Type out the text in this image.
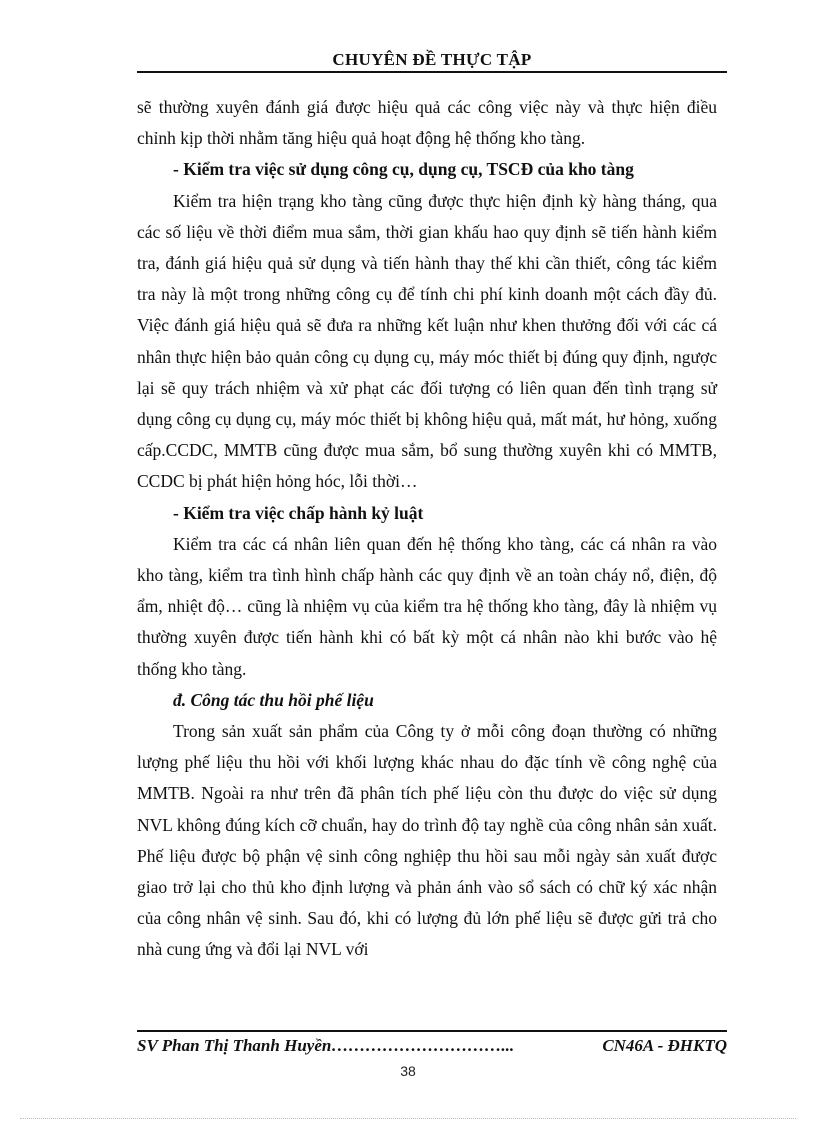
CHUYÊN ĐỀ THỰC TẬP

sẽ thường xuyên đánh giá được hiệu quả các công việc này và thực hiện điều chỉnh kịp thời nhằm tăng hiệu quả hoạt động hệ thống kho tàng.

- Kiểm tra việc sử dụng công cụ, dụng cụ, TSCĐ của kho tàng

Kiểm tra hiện trạng kho tàng cũng được thực hiện định kỳ hàng tháng, qua các số liệu về thời điểm mua sắm, thời gian khấu hao quy định sẽ tiến hành kiểm tra, đánh giá hiệu quả sử dụng và tiến hành thay thế khi cần thiết, công tác kiểm tra này là một trong những công cụ để tính chi phí kinh doanh một cách đầy đủ. Việc đánh giá hiệu quả sẽ đưa ra những kết luận như khen thưởng đối với các cá nhân thực hiện bảo quản công cụ dụng cụ, máy móc thiết bị đúng quy định, ngược lại sẽ quy trách nhiệm và xử phạt các đối tượng có liên quan đến tình trạng sử dụng công cụ dụng cụ, máy móc thiết bị không hiệu quả, mất mát, hư hỏng, xuống cấp.CCDC, MMTB cũng được mua sắm, bổ sung thường xuyên khi có MMTB, CCDC bị phát hiện hỏng hóc, lỗi thời…

- Kiểm tra việc chấp hành kỷ luật

Kiểm tra các cá nhân liên quan đến hệ thống kho tàng, các cá nhân ra vào kho tàng, kiểm tra tình hình chấp hành các quy định về an toàn cháy nổ, điện, độ ẩm, nhiệt độ… cũng là nhiệm vụ của kiểm tra hệ thống kho tàng, đây là nhiệm vụ thường xuyên được tiến hành khi có bất kỳ một cá nhân nào khi bước vào hệ thống kho tàng.

đ. Công tác thu hồi phế liệu

Trong sản xuất sản phẩm của Công ty ở mỗi công đoạn thường có những lượng phế liệu thu hồi với khối lượng khác nhau do đặc tính về công nghệ của MMTB. Ngoài ra như trên đã phân tích phế liệu còn thu được do việc sử dụng NVL không đúng kích cỡ chuẩn, hay do trình độ tay nghề của công nhân sản xuất. Phế liệu được bộ phận vệ sinh công nghiệp thu hồi sau mỗi ngày sản xuất được giao trở lại cho thủ kho định lượng và phản ánh vào sổ sách có chữ ký xác nhận của công nhân vệ sinh. Sau đó, khi có lượng đủ lớn phế liệu sẽ được gửi trả cho nhà cung ứng và đổi lại NVL với

SV Phan Thị Thanh Huyền…………………………...	CN46A - ĐHKTQ
38
